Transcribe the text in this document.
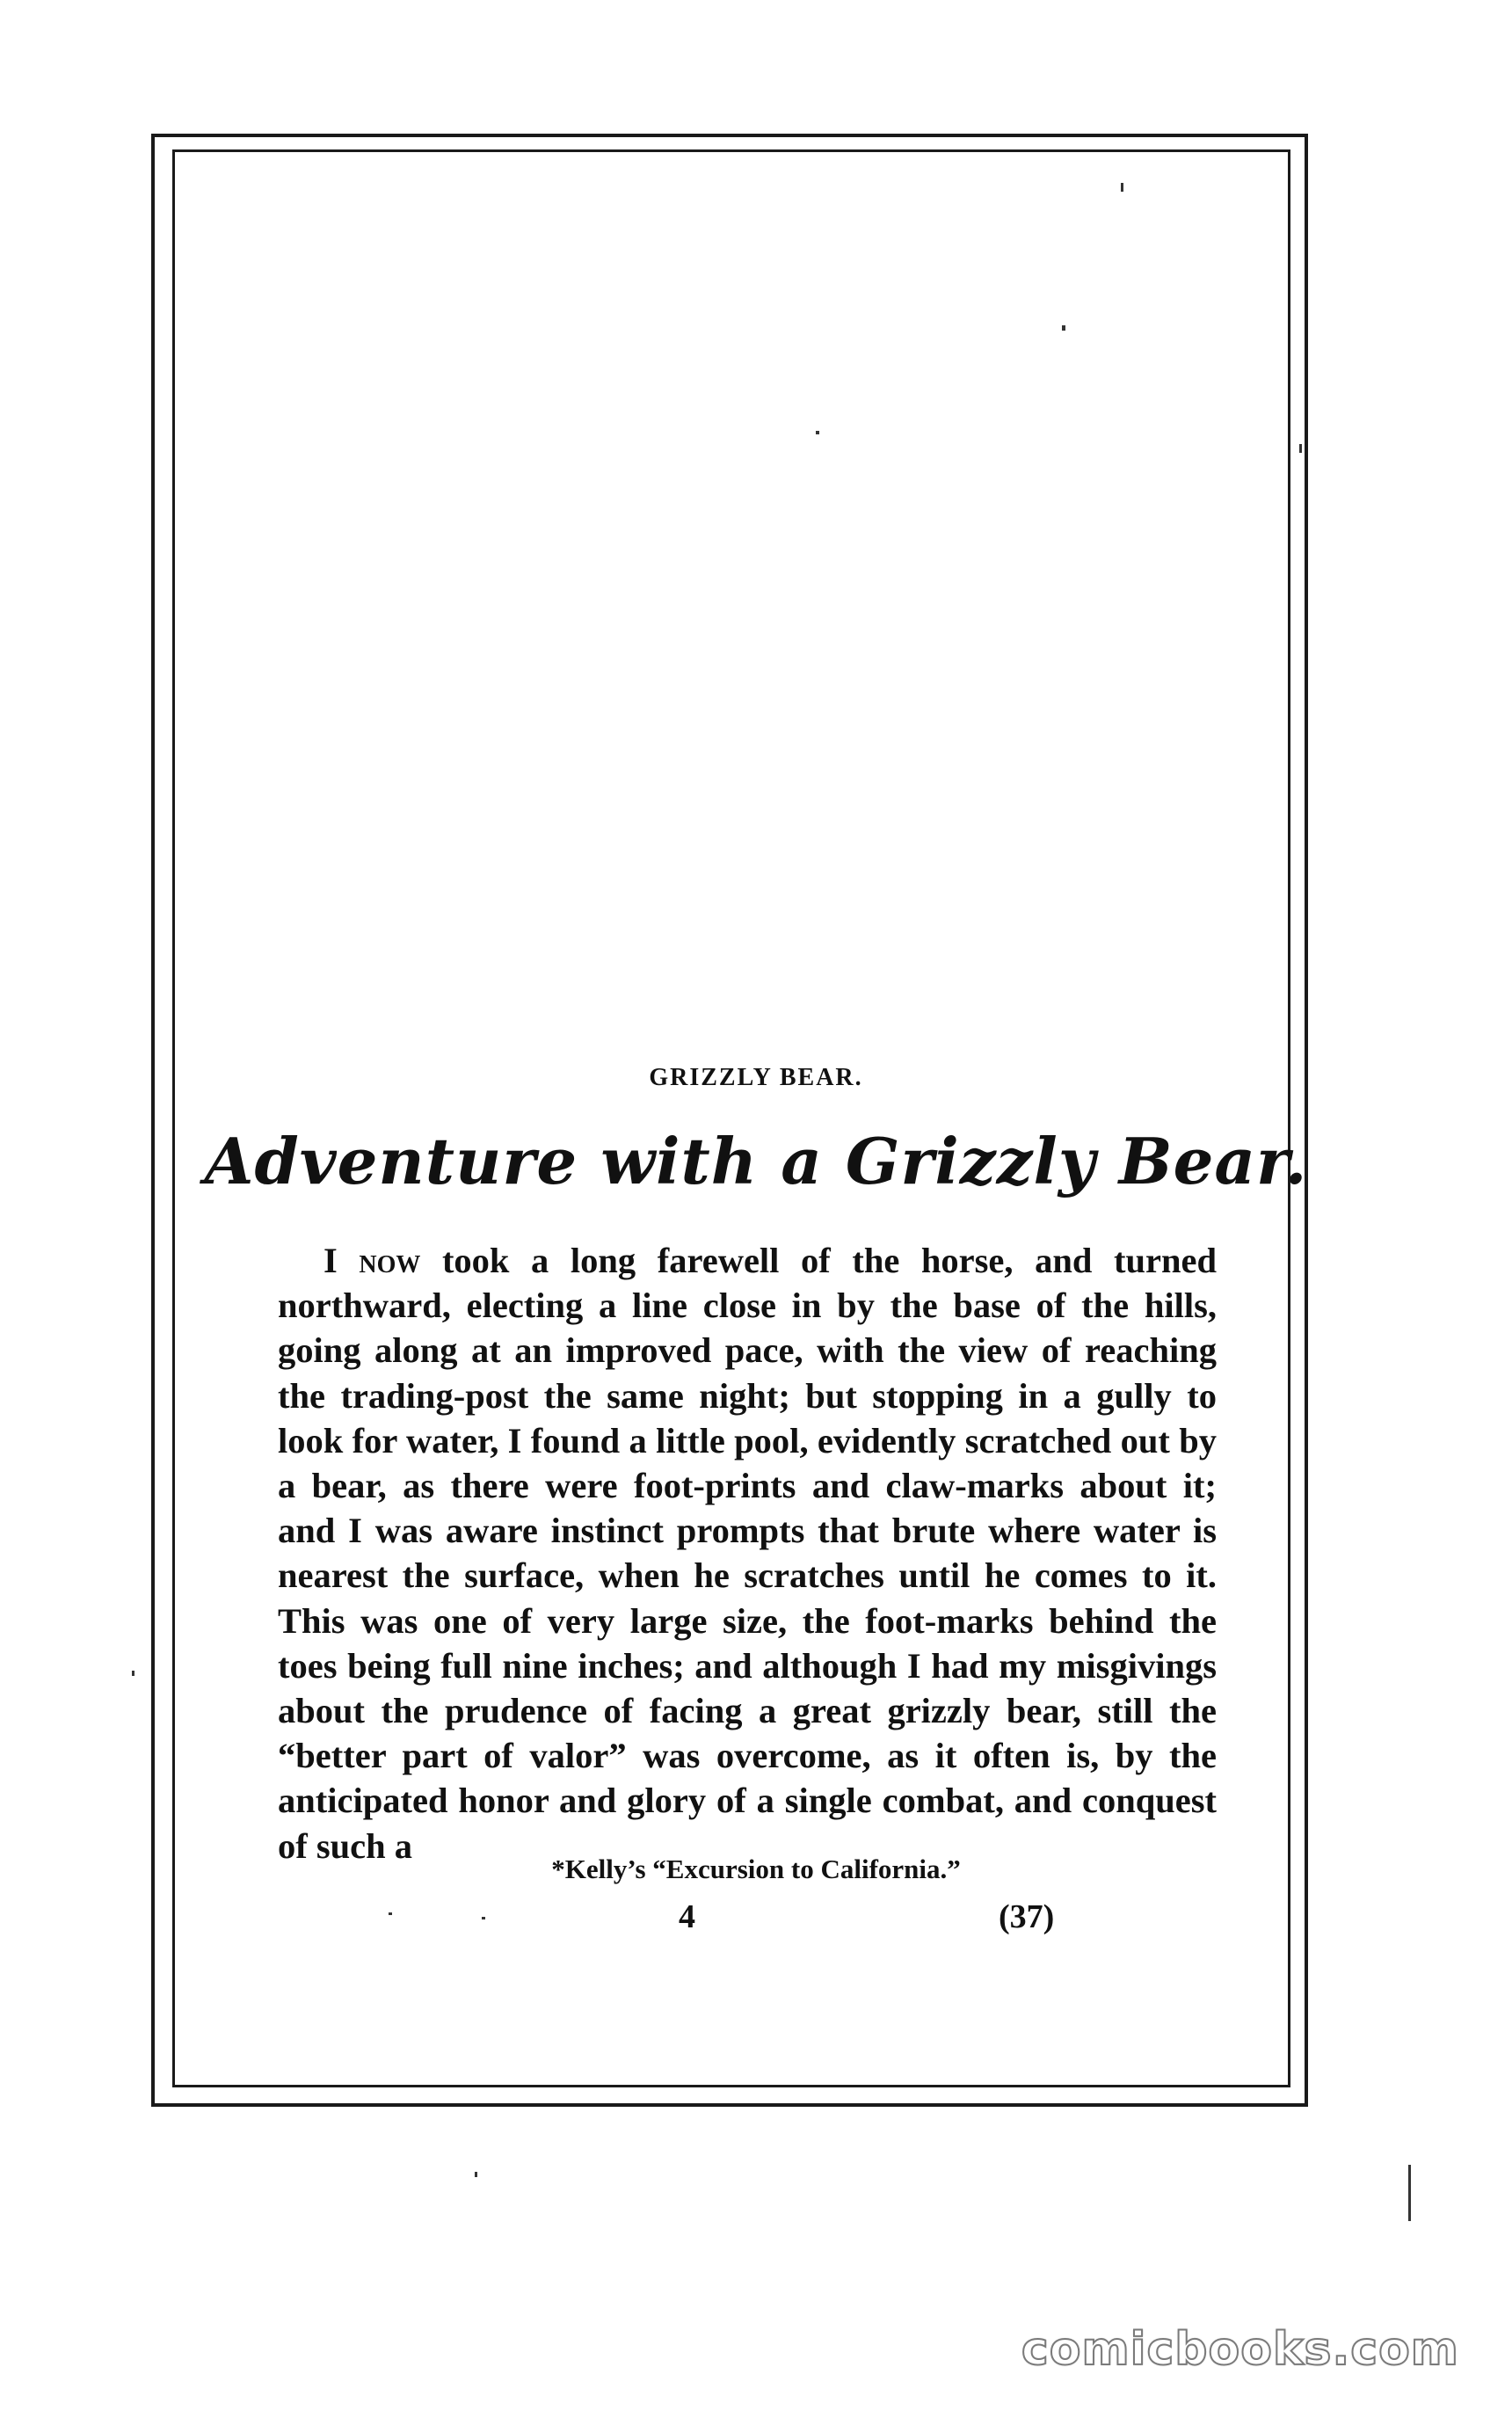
GRIZZLY BEAR.
Adventure with a Grizzly Bear.
I now took a long farewell of the horse, and turned northward, electing a line close in by the base of the hills, going along at an improved pace, with the view of reaching the trading-post the same night; but stopping in a gully to look for water, I found a little pool, evidently scratched out by a bear, as there were foot-prints and claw-marks about it; and I was aware instinct prompts that brute where water is nearest the surface, when he scratches until he comes to it. This was one of very large size, the foot-marks behind the toes being full nine inches; and although I had my misgivings about the prudence of facing a great grizzly bear, still the “better part of valor” was overcome, as it often is, by the anticipated honor and glory of a single combat, and conquest of such a
*Kelly’s “Excursion to California.”
4	(37)
comicbooks.com
